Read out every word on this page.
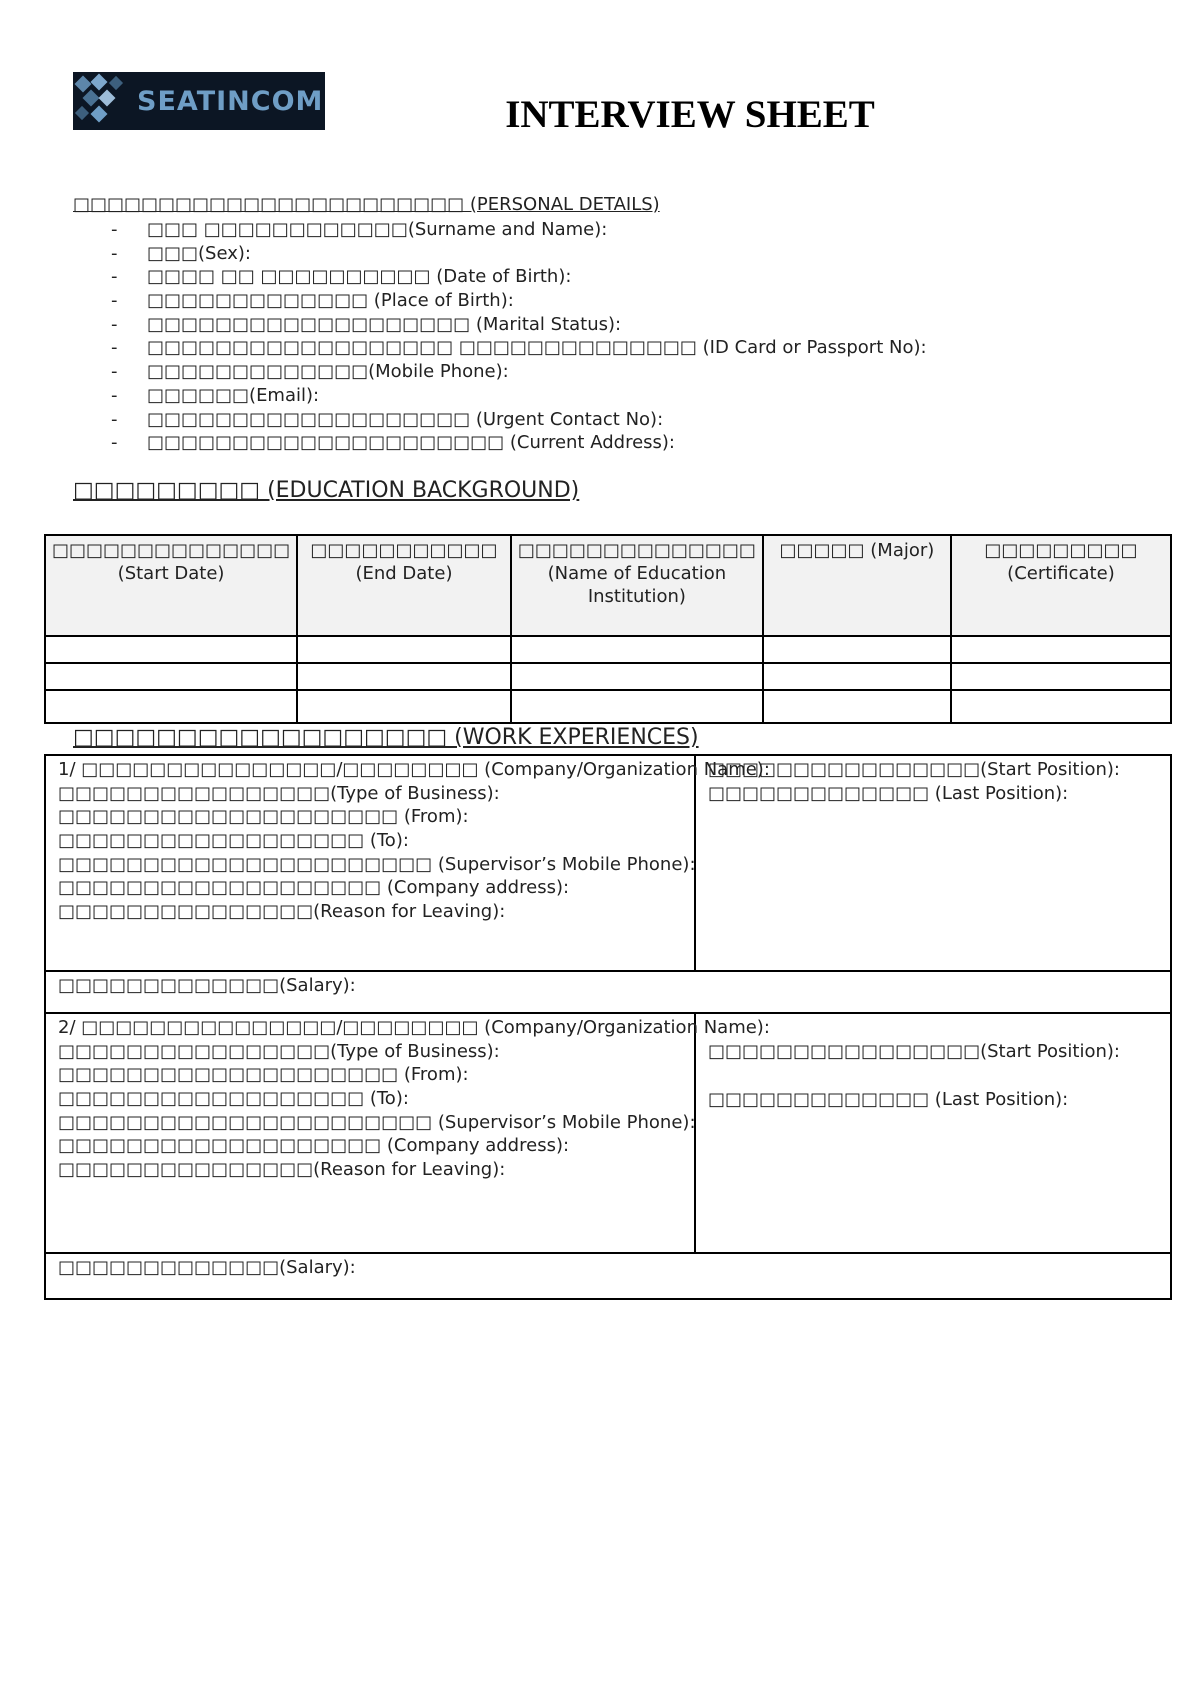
SEATINCOM	INTERVIEW SHEET
□□□□□□□□□□□□□□□□□□□□□□□ (PERSONAL DETAILS)
- □□□ □□□□□□□□□□□□(Surname and Name):
- □□□(Sex):
- □□□□ □□ □□□□□□□□□□ (Date of Birth):
- □□□□□□□□□□□□□ (Place of Birth):
- □□□□□□□□□□□□□□□□□□□ (Marital Status):
- □□□□□□□□□□□□□□□□□□ □□□□□□□□□□□□□□ (ID Card or Passport No):
- □□□□□□□□□□□□□(Mobile Phone):
- □□□□□□(Email):
- □□□□□□□□□□□□□□□□□□□ (Urgent Contact No):
- □□□□□□□□□□□□□□□□□□□□□ (Current Address):
□□□□□□□□□ (EDUCATION BACKGROUND)
□□□□□□□□□□□□□□ (Start Date)	□□□□□□□□□□□ (End Date)	□□□□□□□□□□□□□□ (Name of Education Institution)	□□□□□ (Major)	□□□□□□□□□ (Certificate)

□□□□□□□□□□□□□□□□□□ (WORK EXPERIENCES)
1/ □□□□□□□□□□□□□□□/□□□□□□□□ (Company/Organization Name):
□□□□□□□□□□□□□□□□(Type of Business):
□□□□□□□□□□□□□□□□□□□□ (From):
□□□□□□□□□□□□□□□□□□ (To):
□□□□□□□□□□□□□□□□□□□□□□ (Supervisor’s Mobile Phone):
□□□□□□□□□□□□□□□□□□□ (Company address):
□□□□□□□□□□□□□□□(Reason for Leaving):
□□□□□□□□□□□□□□□□(Start Position):
□□□□□□□□□□□□□ (Last Position):
□□□□□□□□□□□□□(Salary):
2/ □□□□□□□□□□□□□□□/□□□□□□□□ (Company/Organization Name):
□□□□□□□□□□□□□□□□(Type of Business):
□□□□□□□□□□□□□□□□□□□□ (From):
□□□□□□□□□□□□□□□□□□ (To):
□□□□□□□□□□□□□□□□□□□□□□ (Supervisor’s Mobile Phone):
□□□□□□□□□□□□□□□□□□□ (Company address):
□□□□□□□□□□□□□□□(Reason for Leaving):
□□□□□□□□□□□□□□□□(Start Position):
□□□□□□□□□□□□□ (Last Position):
□□□□□□□□□□□□□(Salary):
